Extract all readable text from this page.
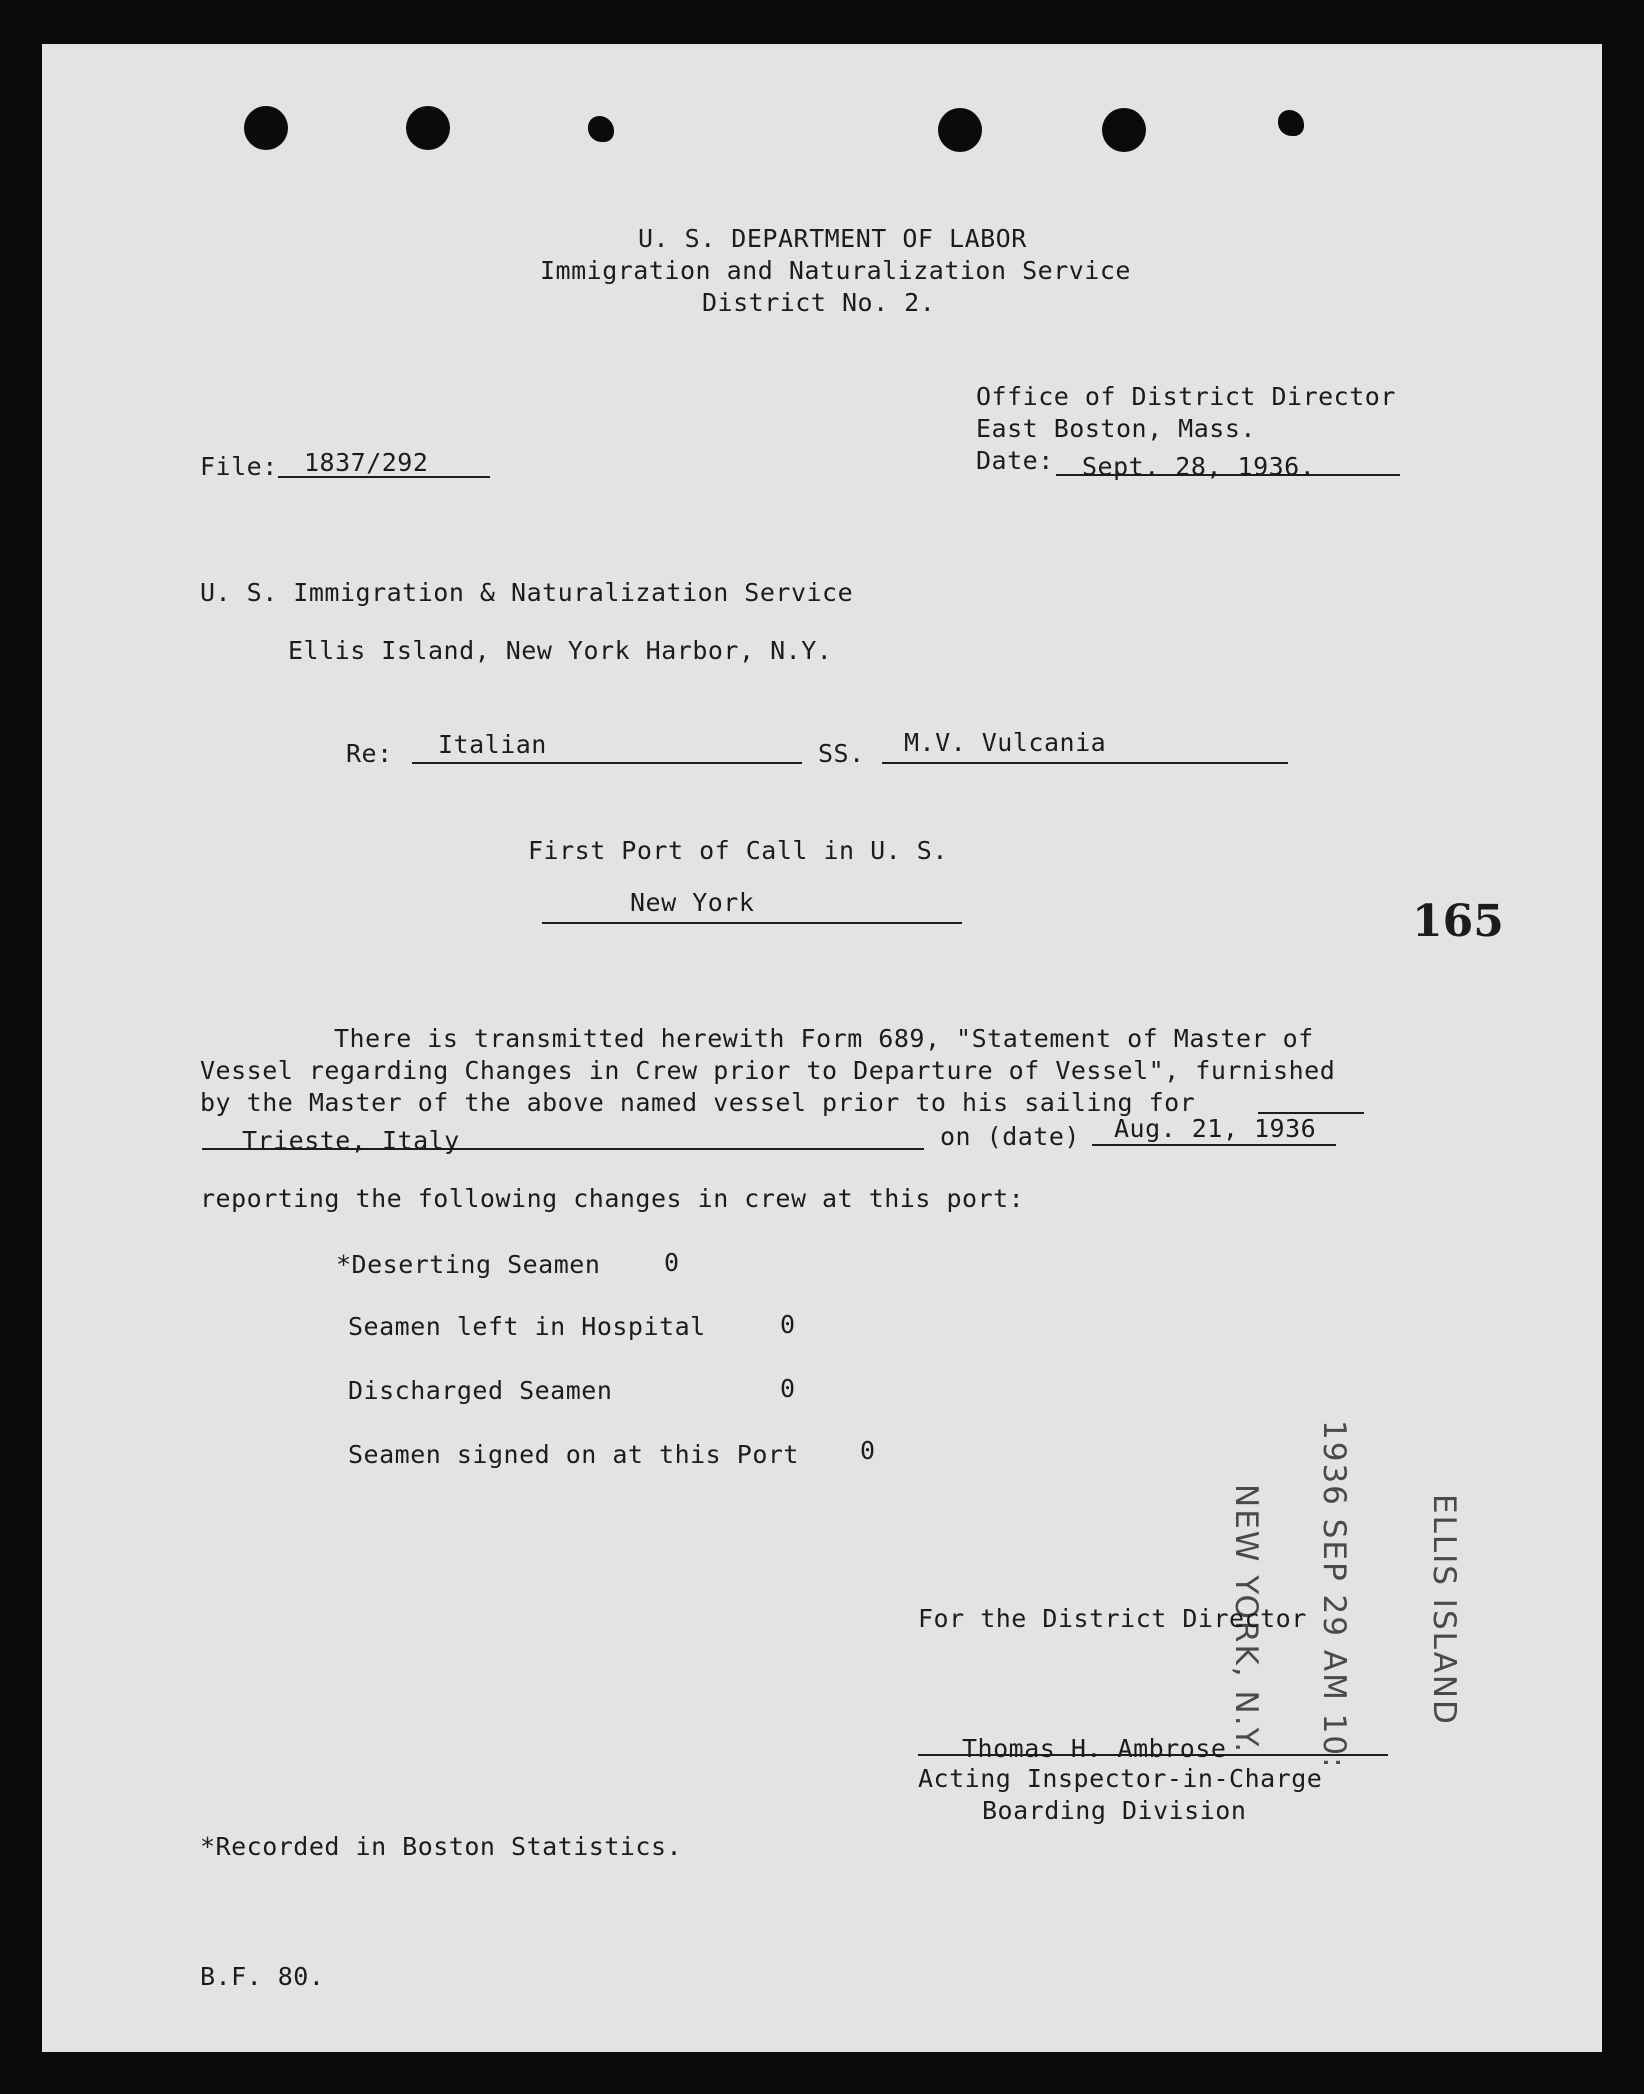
U. S. DEPARTMENT OF LABOR
Immigration and Naturalization Service
District No. 2.
Office of District Director
East Boston, Mass.
Date: Sept. 28, 1936.
File: 1837/292
U. S. Immigration & Naturalization Service
Ellis Island, New York Harbor, N.Y.
Re: Italian	SS. M.V. Vulcania
First Port of Call in U. S.
New York	165
There is transmitted herewith Form 689, "Statement of Master of
Vessel regarding Changes in Crew prior to Departure of Vessel", furnished
by the Master of the above named vessel prior to his sailing for
Trieste, Italy	on (date) Aug. 21, 1936
reporting the following changes in crew at this port:
*Deserting Seamen	0
Seamen left in Hospital	0
Discharged Seamen	0
Seamen signed on at this Port 0
ELLIS ISLAND
1936 SEP 29 AM 10:
NEW YORK, N.Y.
For the District Director
Thomas H. Ambrose
Acting Inspector-in-Charge
Boarding Division
*Recorded in Boston Statistics.
B.F. 80.
